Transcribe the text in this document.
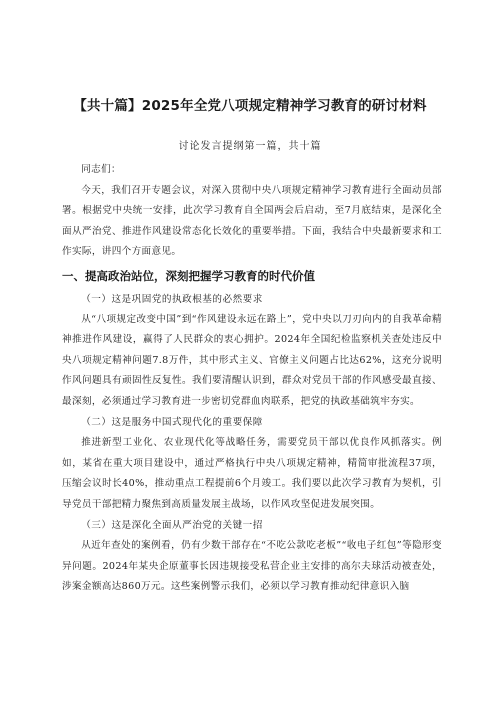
【共十篇】2025年全党八项规定精神学习教育的研讨材料
讨论发言提纲第一篇，共十篇

同志们：

今天，我们召开专题会议，对深入贯彻中央八项规定精神学习教育进行全面动员部署。根据党中央统一安排，此次学习教育自全国两会后启动，至7月底结束，是深化全面从严治党、推进作风建设常态化长效化的重要举措。下面，我结合中央最新要求和工作实际，讲四个方面意见。

一、提高政治站位，深刻把握学习教育的时代价值

（一）这是巩固党的执政根基的必然要求

从“八项规定改变中国”到“作风建设永远在路上”，党中央以刀刃向内的自我革命精神推进作风建设，赢得了人民群众的衷心拥护。2024年全国纪检监察机关查处违反中央八项规定精神问题7.8万件，其中形式主义、官僚主义问题占比达62%，这充分说明作风问题具有顽固性反复性。我们要清醒认识到，群众对党员干部的作风感受最直接、最深刻，必须通过学习教育进一步密切党群血肉联系，把党的执政基础筑牢夯实。

（二）这是服务中国式现代化的重要保障

推进新型工业化、农业现代化等战略任务，需要党员干部以优良作风抓落实。例如，某省在重大项目建设中，通过严格执行中央八项规定精神，精简审批流程37项，压缩会议时长40%，推动重点工程提前6个月竣工。我们要以此次学习教育为契机，引导党员干部把精力聚焦到高质量发展主战场，以作风攻坚促进发展突围。

（三）这是深化全面从严治党的关键一招

从近年查处的案例看，仍有少数干部存在“不吃公款吃老板”“收电子红包”等隐形变异问题。2024年某央企原董事长因违规接受私营企业主安排的高尔夫球活动被查处，涉案金额高达860万元。这些案例警示我们，必须以学习教育推动纪律意识入脑
